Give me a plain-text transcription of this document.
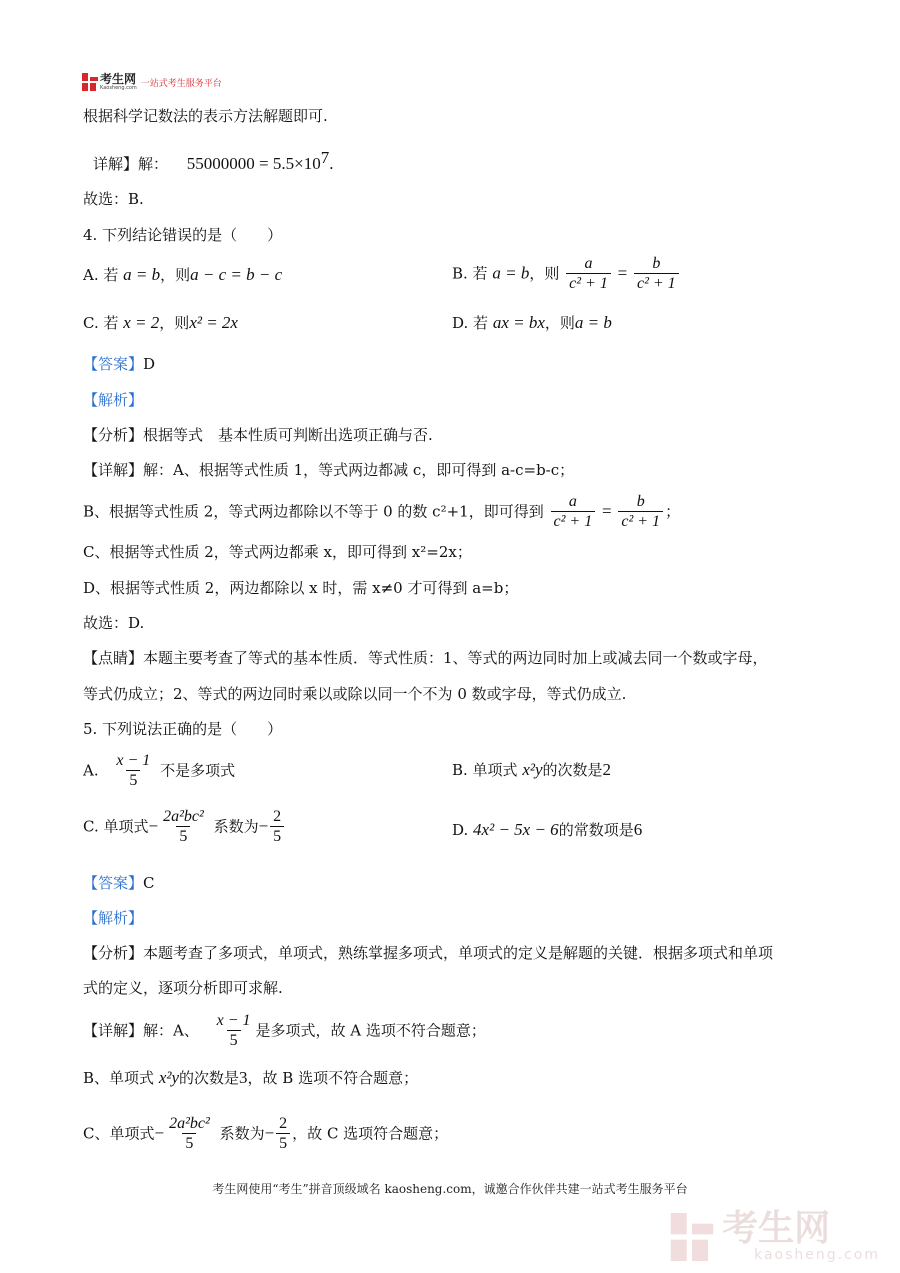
考生网
Kaosheng.com 一站式考生服务平台
根据科学记数法的表示方法解题即可.
详解】解： $55000000 = 5.5\times 10^7$.
故选：B.
4. 下列结论错误的是（　　）
A. 若 a = b，则a − c = b − c	B. 若 a = b，则 $\frac{a}{\text{c² + 1}} = \frac{b}{\text{c² + 1}}$
C. 若 x = 2，则x² = 2x	D. 若 ax = bx，则a = b
【答案】D
【解析】
【分析】根据等式　基本性质可判断出选项正确与否.
【详解】解：A、根据等式性质 1，等式两边都减 c，即可得到 a-c=b-c；
B、根据等式性质 2，等式两边都除以不等于 0 的数 c²+1，即可得到 $\frac{a}{\text{c² + 1}} = \frac{b}{\text{c² + 1}}$ ；
C、根据等式性质 2，等式两边都乘 x，即可得到 x²=2x；
D、根据等式性质 2，两边都除以 x 时，需 x≠0 才可得到 a=b；
故选：D.
【点睛】本题主要考查了等式的基本性质．等式性质：1、等式的两边同时加上或减去同一个数或字母，
等式仍成立；2、等式的两边同时乘以或除以同一个不为 0 数或字母，等式仍成立.
5. 下列说法正确的是（　　）
A. $\frac{x - 1}{5}$ 不是多项式	B. 单项式 x²y的次数是2
C. 单项式− $\frac{\text{2a²bc²}}{5}$ 系数为− $\frac{2}{5}$	D. 4x² − 5x − 6的常数项是6
【答案】C
【解析】
【分析】本题考查了多项式，单项式，熟练掌握多项式，单项式的定义是解题的关键．根据多项式和单项
式的定义，逐项分析即可求解.
【详解】解：A、 $\frac{x - 1}{5}$ 是多项式，故 A 选项不符合题意；
B、单项式 x²y的次数是3，故 B 选项不符合题意；
C、单项式− $\frac{\text{2a²bc²}}{5}$ 系数为− $\frac{2}{5}$ ，故 C 选项符合题意；
考生网使用“考生”拼音顶级域名 kaosheng.com，诚邀合作伙伴共建一站式考生服务平台
考生网
kaosheng.com
